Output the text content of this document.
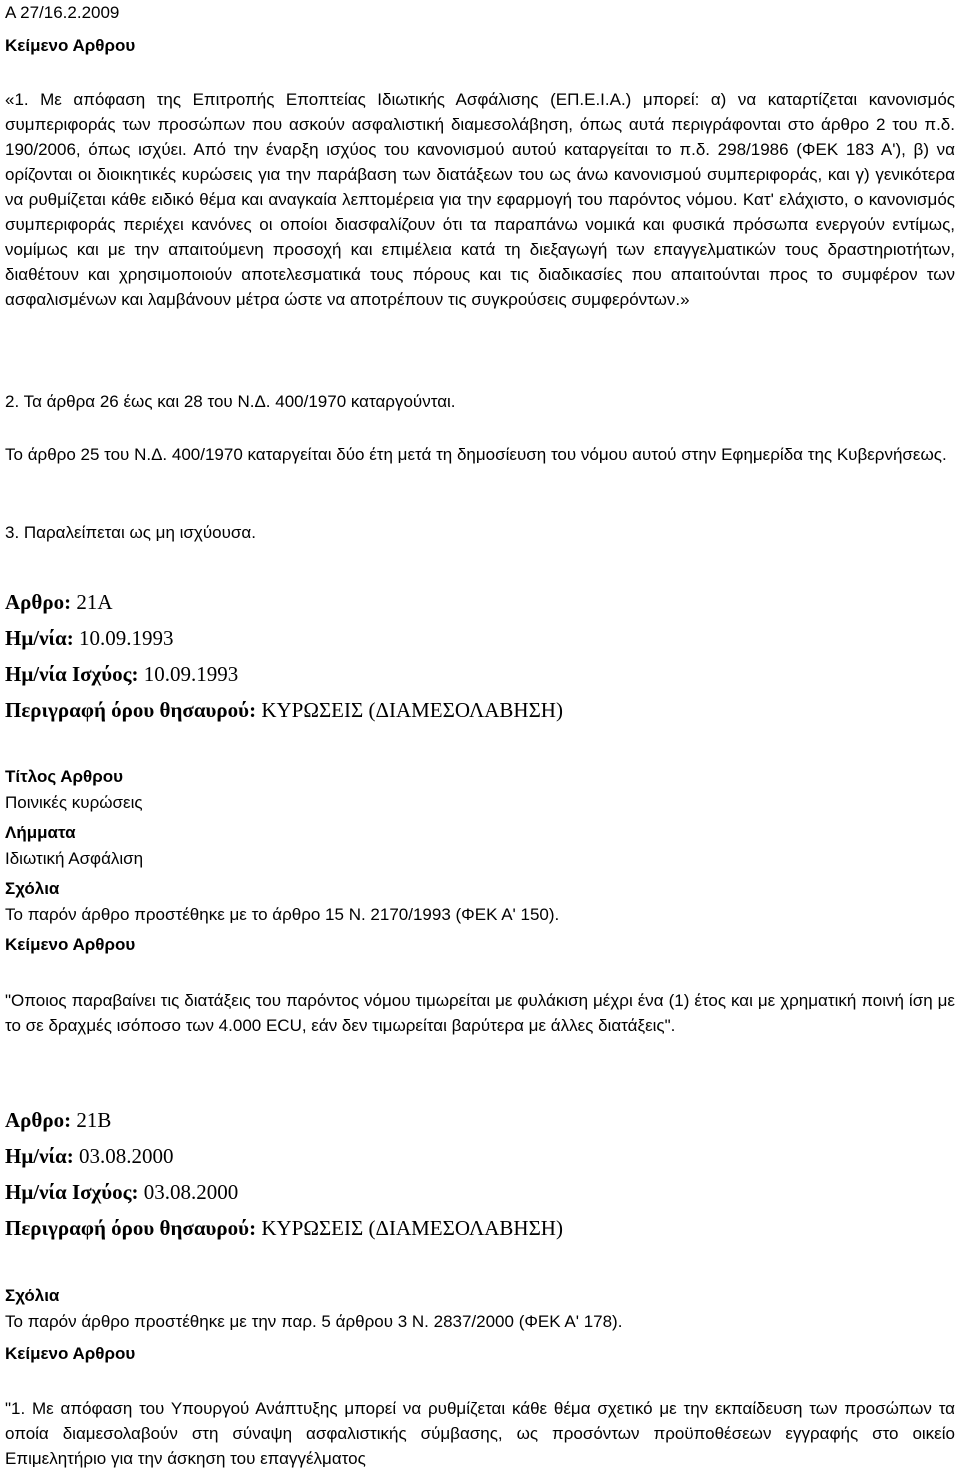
Α 27/16.2.2009

Κείμενο Αρθρου

«1. Με απόφαση της Επιτροπής Εποπτείας Ιδιωτικής Ασφάλισης (ΕΠ.Ε.Ι.Α.) μπορεί: α) να καταρτίζεται κανονισμός συμπεριφοράς των προσώπων που ασκούν ασφαλιστική διαμεσολάβηση, όπως αυτά περιγράφονται στο άρθρο 2 του π.δ. 190/2006, όπως ισχύει. Από την έναρξη ισχύος του κανονισμού αυτού καταργείται το π.δ. 298/1986 (ΦΕΚ 183 Α'), β) να ορίζονται οι διοικητικές κυρώσεις για την παράβαση των διατάξεων του ως άνω κανονισμού συμπεριφοράς, και γ) γενικότερα να ρυθμίζεται κάθε ειδικό θέμα και αναγκαία λεπτομέρεια για την εφαρμογή του παρόντος νόμου. Κατ' ελάχιστο, ο κανονισμός συμπεριφοράς περιέχει κανόνες οι οποίοι διασφαλίζουν ότι τα παραπάνω νομικά και φυσικά πρόσωπα ενεργούν εντίμως, νομίμως και με την απαιτούμενη προσοχή και επιμέλεια κατά τη διεξαγωγή των επαγγελματικών τους δραστηριοτήτων, διαθέτουν και χρησιμοποιούν αποτελεσματικά τους πόρους και τις διαδικασίες που απαιτούνται προς το συμφέρον των ασφαλισμένων και λαμβάνουν μέτρα ώστε να αποτρέπουν τις συγκρούσεις συμφερόντων.»

2. Τα άρθρα 26 έως και 28 του Ν.Δ. 400/1970 καταργούνται.

Το άρθρο 25 του Ν.Δ. 400/1970 καταργείται δύο έτη μετά τη δημοσίευση του νόμου αυτού στην Εφημερίδα της Κυβερνήσεως.

3. Παραλείπεται ως μη ισχύουσα.

Αρθρο: 21Α
Ημ/νία: 10.09.1993
Ημ/νία Ισχύος: 10.09.1993
Περιγραφή όρου θησαυρού: ΚΥΡΩΣΕΙΣ (ΔΙΑΜΕΣΟΛΑΒΗΣΗ)

Τίτλος Αρθρου

Ποινικές κυρώσεις

Λήμματα

Ιδιωτική Ασφάλιση

Σχόλια

Το παρόν άρθρο προστέθηκε με το άρθρο 15 Ν. 2170/1993 (ΦΕΚ Α' 150).

Κείμενο Αρθρου

"Οποιος παραβαίνει τις διατάξεις του παρόντος νόμου τιμωρείται με φυλάκιση μέχρι ένα (1) έτος και με χρηματική ποινή ίση με το σε δραχμές ισόποσο των 4.000 ECU, εάν δεν τιμωρείται βαρύτερα με άλλες διατάξεις".

Αρθρο: 21Β
Ημ/νία: 03.08.2000
Ημ/νία Ισχύος: 03.08.2000
Περιγραφή όρου θησαυρού: ΚΥΡΩΣΕΙΣ (ΔΙΑΜΕΣΟΛΑΒΗΣΗ)

Σχόλια

Το παρόν άρθρο προστέθηκε με την παρ. 5 άρθρου 3 Ν. 2837/2000 (ΦΕΚ Α' 178).

Κείμενο Αρθρου

"1. Με απόφαση του Υπουργού Ανάπτυξης μπορεί να ρυθμίζεται κάθε θέμα σχετικό με την εκπαίδευση των προσώπων τα οποία διαμεσολαβούν στη σύναψη ασφαλιστικής σύμβασης, ως προσόντων προϋποθέσεων εγγραφής στο οικείο Επιμελητήριο για την άσκηση του επαγγέλματος
